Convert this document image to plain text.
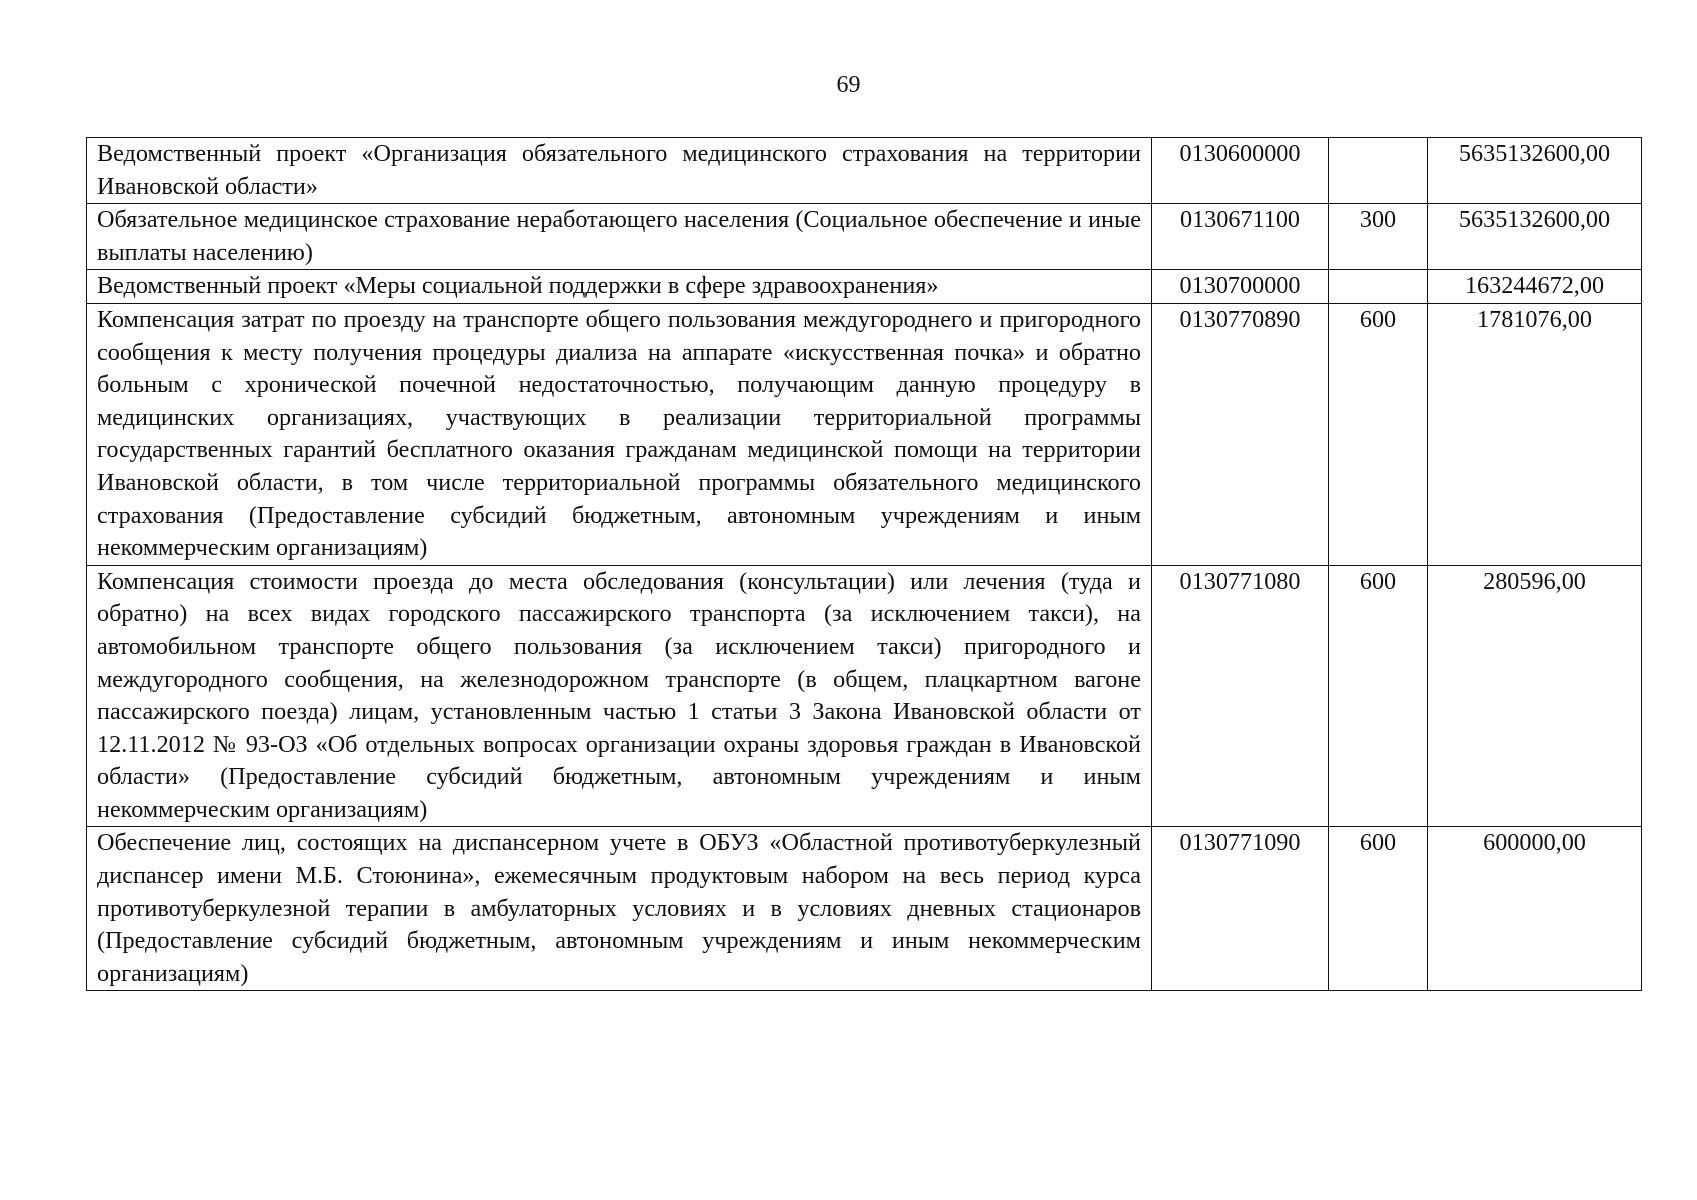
69
Ведомственный проект «Организация обязательного медицинского страхования на территории Ивановской области»	0130600000		5635132600,00
Обязательное медицинское страхование неработающего населения (Социальное обеспечение и иные выплаты населению)	0130671100	300	5635132600,00
Ведомственный проект «Меры социальной поддержки в сфере здравоохранения»	0130700000		163244672,00
Компенсация затрат по проезду на транспорте общего пользования междугороднего и пригородного сообщения к месту получения процедуры диализа на аппарате «искусственная почка» и обратно больным с хронической почечной недостаточностью, получающим данную процедуру в медицинских организациях, участвующих в реализации территориальной программы государственных гарантий бесплатного оказания гражданам медицинской помощи на территории Ивановской области, в том числе территориальной программы обязательного медицинского страхования (Предоставление субсидий бюджетным, автономным учреждениям и иным некоммерческим организациям)	0130770890	600	1781076,00
Компенсация стоимости проезда до места обследования (консультации) или лечения (туда и обратно) на всех видах городского пассажирского транспорта (за исключением такси), на автомобильном транспорте общего пользования (за исключением такси) пригородного и междугородного сообщения, на железнодорожном транспорте (в общем, плацкартном вагоне пассажирского поезда) лицам, установленным частью 1 статьи 3 Закона Ивановской области от 12.11.2012 № 93-ОЗ «Об отдельных вопросах организации охраны здоровья граждан в Ивановской области» (Предоставление субсидий бюджетным, автономным учреждениям и иным некоммерческим организациям)	0130771080	600	280596,00
Обеспечение лиц, состоящих на диспансерном учете в ОБУЗ «Областной противотуберкулезный диспансер имени М.Б. Стоюнина», ежемесячным продуктовым набором на весь период курса противотуберкулезной терапии в амбулаторных условиях и в условиях дневных стационаров (Предоставление субсидий бюджетным, автономным учреждениям и иным некоммерческим организациям)	0130771090	600	600000,00
